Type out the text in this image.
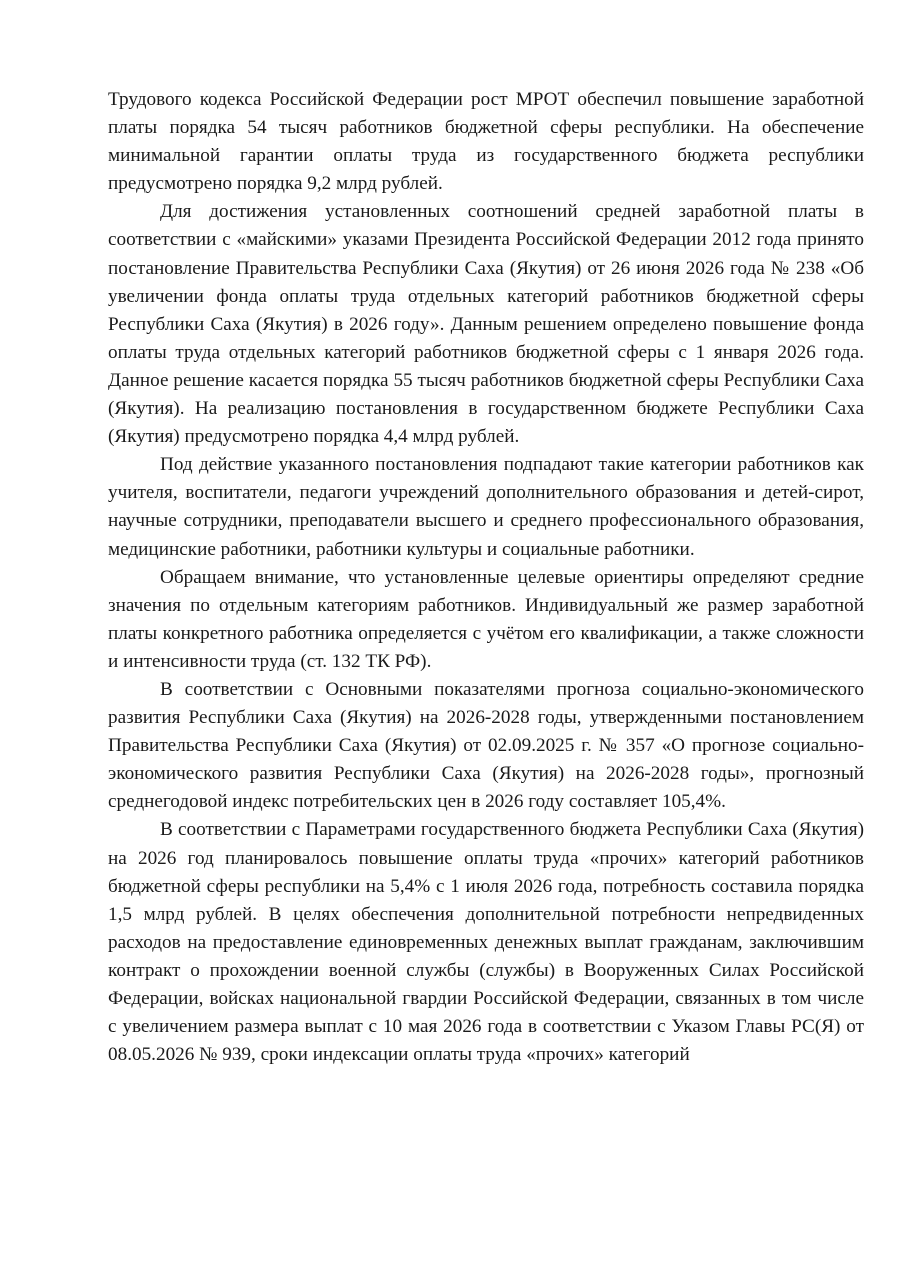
Трудового кодекса Российской Федерации рост МРОТ обеспечил повышение заработной платы порядка 54 тысяч работников бюджетной сферы республики. На обеспечение минимальной гарантии оплаты труда из государственного бюджета республики предусмотрено порядка 9,2 млрд рублей.

Для достижения установленных соотношений средней заработной платы в соответствии с «майскими» указами Президента Российской Федерации 2012 года принято постановление Правительства Республики Саха (Якутия) от 26 июня 2026 года № 238 «Об увеличении фонда оплаты труда отдельных категорий работников бюджетной сферы Республики Саха (Якутия) в 2026 году». Данным решением определено повышение фонда оплаты труда отдельных категорий работников бюджетной сферы с 1 января 2026 года. Данное решение касается порядка 55 тысяч работников бюджетной сферы Республики Саха (Якутия). На реализацию постановления в государственном бюджете Республики Саха (Якутия) предусмотрено порядка 4,4 млрд рублей.

Под действие указанного постановления подпадают такие категории работников как учителя, воспитатели, педагоги учреждений дополнительного образования и детей-сирот, научные сотрудники, преподаватели высшего и среднего профессионального образования, медицинские работники, работники культуры и социальные работники.

Обращаем внимание, что установленные целевые ориентиры определяют средние значения по отдельным категориям работников. Индивидуальный же размер заработной платы конкретного работника определяется с учётом его квалификации, а также сложности и интенсивности труда (ст. 132 ТК РФ).

В соответствии с Основными показателями прогноза социально-экономического развития Республики Саха (Якутия) на 2026-2028 годы, утвержденными постановлением Правительства Республики Саха (Якутия) от 02.09.2025 г. № 357 «О прогнозе социально-экономического развития Республики Саха (Якутия) на 2026-2028 годы», прогнозный среднегодовой индекс потребительских цен в 2026 году составляет 105,4%.

В соответствии с Параметрами государственного бюджета Республики Саха (Якутия) на 2026 год планировалось повышение оплаты труда «прочих» категорий работников бюджетной сферы республики на 5,4% с 1 июля 2026 года, потребность составила порядка 1,5 млрд рублей. В целях обеспечения дополнительной потребности непредвиденных расходов на предоставление единовременных денежных выплат гражданам, заключившим контракт о прохождении военной службы (службы) в Вооруженных Силах Российской Федерации, войсках национальной гвардии Российской Федерации, связанных в том числе с увеличением размера выплат с 10 мая 2026 года в соответствии с Указом Главы РС(Я) от 08.05.2026 № 939, сроки индексации оплаты труда «прочих» категорий
